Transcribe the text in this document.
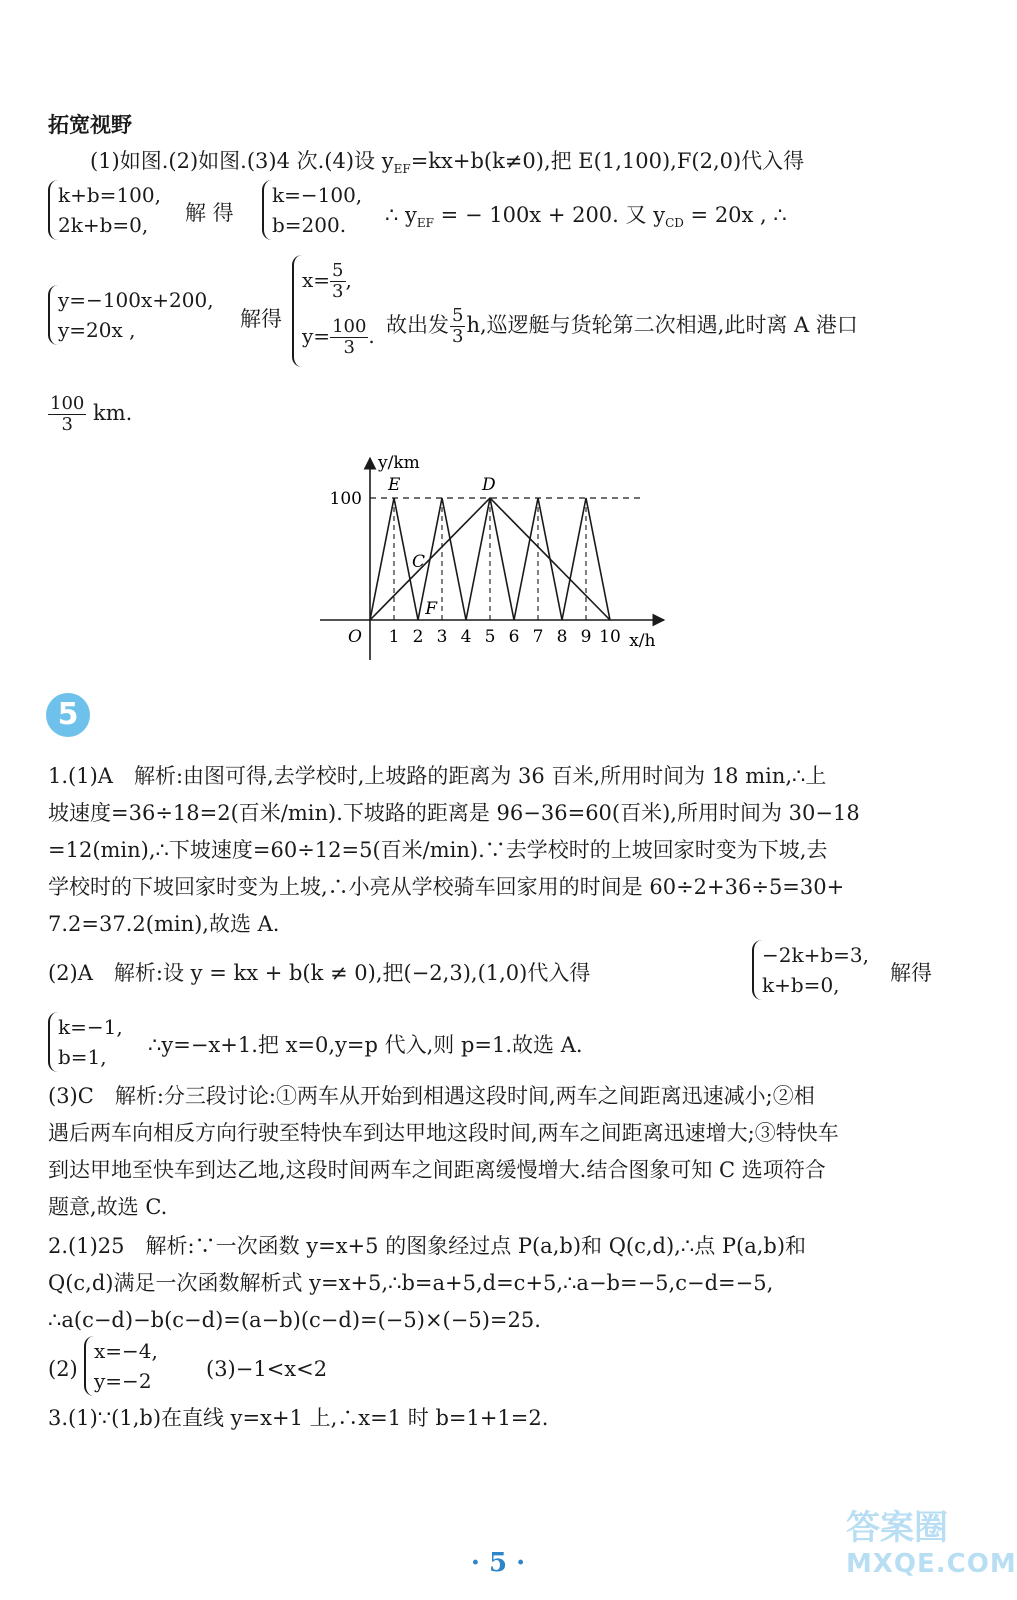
拓宽视野
(1)如图.(2)如图.(3)4 次.(4)设 $y_{EF}=kx+b(k\ne 0)$,把 E(1,100),F(2,0)代入得
k+b=100,
2k+b=0,	解 得
k=−100,
b=200.	∴ $y_{EF}$ = − 100x + 200. 又 $y_{CD} = 20x$ , ∴
y=−100x+200,
y=20x ,	解得
$x= \frac{5}{3}$ ,
$y= \frac{100}{3}$ . 故出发 $\frac{5}{3} h$,巡逻艇与货轮第二次相遇,此时离 A 港口
$\frac{100}{3}$ km.
1 2 3 4 5 6 7 8 9 10
100
O
y/km
x/h
E	D
C
F
5
1.(1)A　解析:由图可得,去学校时,上坡路的距离为 36 百米,所用时间为 18 min,∴上
坡速度=36÷18=2(百米/min).下坡路的距离是 96−36=60(百米),所用时间为 30−18
=12(min),∴下坡速度=60÷12=5(百米/min).∵去学校时的上坡回家时变为下坡,去
学校时的下坡回家时变为上坡,∴小亮从学校骑车回家用的时间是 60÷2+36÷5=30+
7.2=37.2(min),故选 A.
(2)A　解析:设 y = kx + b(k ≠ 0),把(−2,3),(1,0)代入得
−2k+b=3,
k+b=0,	解得
k=−1,
b=1,	∴y=−x+1.把 x=0,y=p 代入,则 p=1.故选 A.
(3)C　解析:分三段讨论:①两车从开始到相遇这段时间,两车之间距离迅速减小;②相
遇后两车向相反方向行驶至特快车到达甲地这段时间,两车之间距离迅速增大;③特快车
到达甲地至快车到达乙地,这段时间两车之间距离缓慢增大.结合图象可知 C 选项符合
题意,故选 C.
2.(1)25　解析:∵一次函数 y=x+5 的图象经过点 P(a,b)和 Q(c,d),∴点 P(a,b)和
Q(c,d)满足一次函数解析式 y=x+5,∴b=a+5,d=c+5,∴a−b=−5,c−d=−5,
∴a(c−d)−b(c−d)=(a−b)(c−d)=(−5)×(−5)=25.
(2)
x=−4,
y=−2	(3)−1<x<2
3.(1)∵(1,b)在直线 y=x+1 上,∴x=1 时 b=1+1=2.
· 5 ·
答案圈
MXQE.COM
